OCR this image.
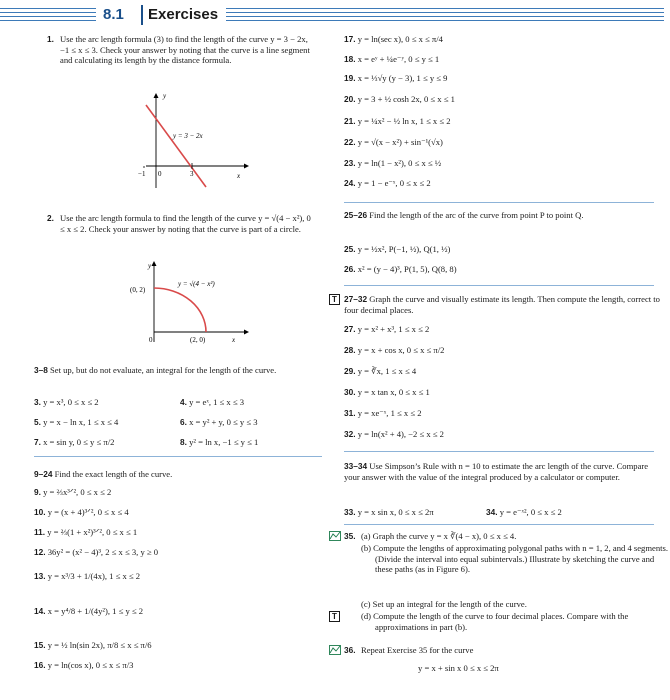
8.1 Exercises
1. Use the arc length formula (3) to find the length of the curve y = 3 − 2x, −1 ≤ x ≤ 3. Check your answer by noting that the curve is a line segment and calculating its length by the distance formula.
y
x
y = 3 − 2x
−1 0	3
2. Use the arc length formula to find the length of the curve y = √(4 − x²), 0 ≤ x ≤ 2. Check your answer by noting that the curve is part of a circle.
y
x
y = √(4 − x²)
(0, 2)
(2, 0)
0
3–8 Set up, but do not evaluate, an integral for the length of the curve.
3. y = x³, 0 ≤ x ≤ 2	4. y = eˣ, 1 ≤ x ≤ 3
5. y = x − ln x, 1 ≤ x ≤ 4	6. x = y² + y, 0 ≤ y ≤ 3
7. x = sin y, 0 ≤ y ≤ π/2	8. y² = ln x, −1 ≤ y ≤ 1
9–24 Find the exact length of the curve.
9. y = ⅔x³ᐟ², 0 ≤ x ≤ 2
10. y = (x + 4)³ᐟ², 0 ≤ x ≤ 4
11. y = ⅔(1 + x²)³ᐟ², 0 ≤ x ≤ 1
12. 36y² = (x² − 4)³, 2 ≤ x ≤ 3, y ≥ 0
13. y = x³/3 + 1/(4x), 1 ≤ x ≤ 2
14. x = y⁴/8 + 1/(4y²), 1 ≤ y ≤ 2
15. y = ½ ln(sin 2x), π/8 ≤ x ≤ π/6
16. y = ln(cos x), 0 ≤ x ≤ π/3
17. y = ln(sec x), 0 ≤ x ≤ π/4
18. x = eʸ + ¼e⁻ʸ, 0 ≤ y ≤ 1
19. x = ⅓√y (y − 3), 1 ≤ y ≤ 9
20. y = 3 + ½ cosh 2x, 0 ≤ x ≤ 1
21. y = ¼x² − ½ ln x, 1 ≤ x ≤ 2
22. y = √(x − x²) + sin⁻¹(√x)
23. y = ln(1 − x²), 0 ≤ x ≤ ½
24. y = 1 − e⁻ˣ, 0 ≤ x ≤ 2
25–26 Find the length of the arc of the curve from point P to point Q.
25. y = ½x², P(−1, ½), Q(1, ½)
26. x² = (y − 4)³, P(1, 5), Q(8, 8)
T 27–32 Graph the curve and visually estimate its length. Then compute the length, correct to four decimal places.
27. y = x² + x³, 1 ≤ x ≤ 2
28. y = x + cos x, 0 ≤ x ≤ π/2
29. y = ∛x, 1 ≤ x ≤ 4
30. y = x tan x, 0 ≤ x ≤ 1
31. y = xe⁻ˣ, 1 ≤ x ≤ 2
32. y = ln(x² + 4), −2 ≤ x ≤ 2
33–34 Use Simpson’s Rule with n = 10 to estimate the arc length of the curve. Compare your answer with the value of the integral produced by a calculator or computer.
33. y = x sin x, 0 ≤ x ≤ 2π	34. y = e⁻ˣ², 0 ≤ x ≤ 2
35. (a) Graph the curve y = x ∛(4 − x), 0 ≤ x ≤ 4.
(b) Compute the lengths of approximating polygonal paths with n = 1, 2, and 4 segments. (Divide the interval into equal subintervals.) Illustrate by sketching the curve and these paths (as in Figure 6).
(c) Set up an integral for the length of the curve.
T	(d) Compute the length of the curve to four decimal places. Compare with the approximations in part (b).
36. Repeat Exercise 35 for the curve
y = x + sin x 0 ≤ x ≤ 2π
